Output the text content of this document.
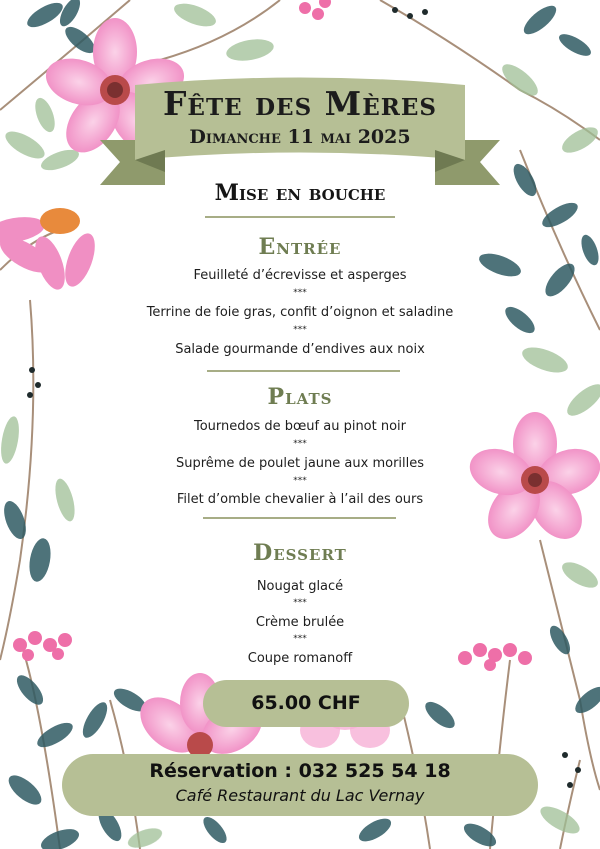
Fête des Mères
Dimanche 11 mai 2025
Mise en bouche
Entrée
Feuilleté d’écrevisse et asperges
***
Terrine de foie gras, confit d’oignon et saladine
***
Salade gourmande d’endives aux noix
Plats
Tournedos de bœuf au pinot noir
***
Suprême de poulet jaune aux morilles
***
Filet d’omble chevalier à l’ail des ours
Dessert
Nougat glacé
***
Crème brulée
***
Coupe romanoff
65.00 CHF
Réservation : 032 525 54 18
Café Restaurant du Lac Vernay
